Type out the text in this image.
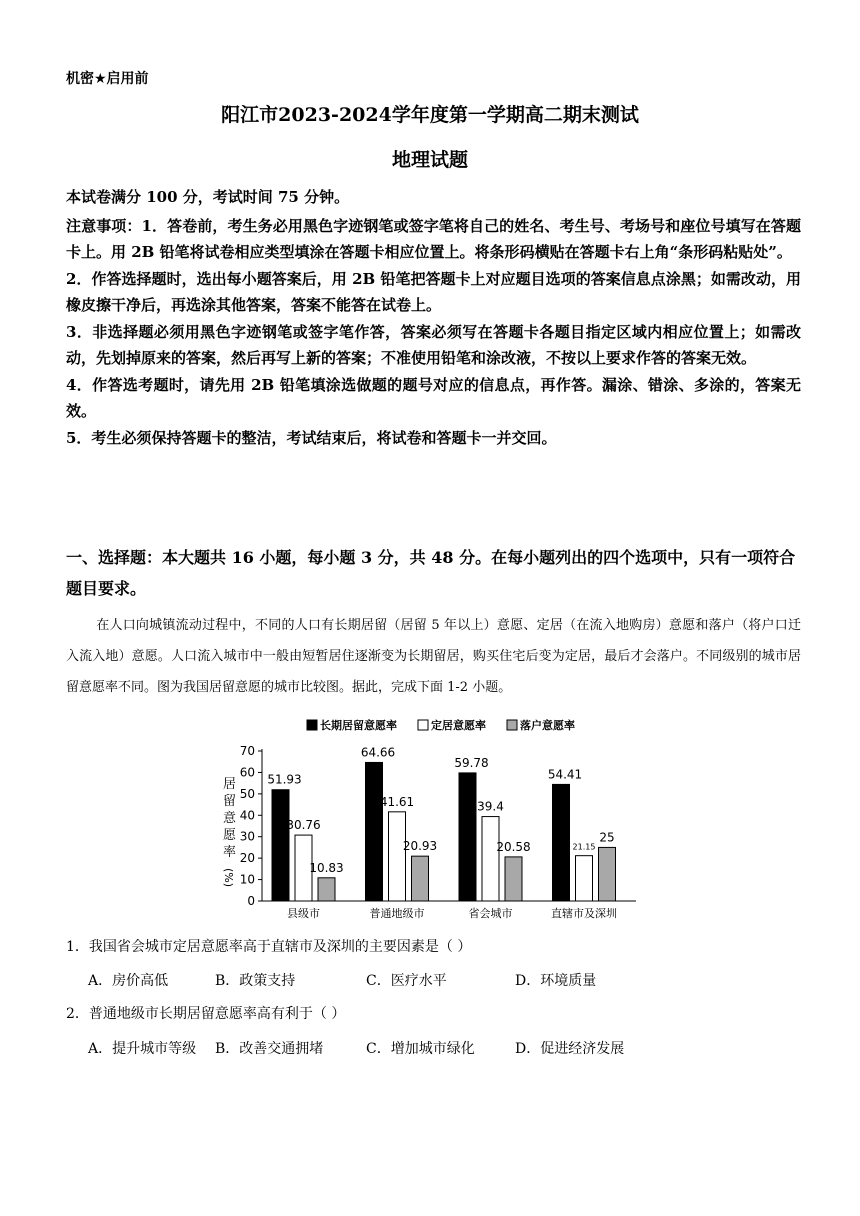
机密★启用前
阳江市2023-2024学年度第一学期高二期末测试
地理试题
本试卷满分 100 分，考试时间 75 分钟。

注意事项：1．答卷前，考生务必用黑色字迹钢笔或签字笔将自己的姓名、考生号、考场号和座位号填写在答题卡上。用 2B 铅笔将试卷相应类型填涂在答题卡相应位置上。将条形码横贴在答题卡右上角“条形码粘贴处”。

2．作答选择题时，选出每小题答案后，用 2B 铅笔把答题卡上对应题目选项的答案信息点涂黑；如需改动，用橡皮擦干净后，再选涂其他答案，答案不能答在试卷上。

3．非选择题必须用黑色字迹钢笔或签字笔作答，答案必须写在答题卡各题目指定区域内相应位置上；如需改动，先划掉原来的答案，然后再写上新的答案；不准使用铅笔和涂改液，不按以上要求作答的答案无效。

4．作答选考题时，请先用 2B 铅笔填涂选做题的题号对应的信息点，再作答。漏涂、错涂、多涂的，答案无效。

5．考生必须保持答题卡的整洁，考试结束后，将试卷和答题卡一并交回。

一、选择题：本大题共 16 小题，每小题 3 分，共 48 分。在每小题列出的四个选项中，只有一项符合题目要求。
在人口向城镇流动过程中，不同的人口有长期居留（居留 5 年以上）意愿、定居（在流入地购房）意愿和落户（将户口迁入流入地）意愿。人口流入城市中一般由短暂居住逐渐变为长期留居，购买住宅后变为定居，最后才会落户。不同级别的城市居留意愿率不同。图为我国居留意愿的城市比较图。据此，完成下面 1-2 小题。
长期居留意愿率	定居意愿率	落户意愿率
居
留
意
愿
率
(%)
0
10
20
30
40
50
60
70
51.93
30.76
10.83
县级市
64.66
41.61
20.93
普通地级市
59.78
39.4
20.58
省会城市
54.41
21.15
25
直辖市及深圳
1．我国省会城市定居意愿率高于直辖市及深圳的主要因素是（ ）
A．房价高低	B．政策支持	C．医疗水平	D．环境质量
2．普通地级市长期居留意愿率高有利于（ ）
A．提升城市等级 B．改善交通拥堵	C．增加城市绿化	D．促进经济发展
